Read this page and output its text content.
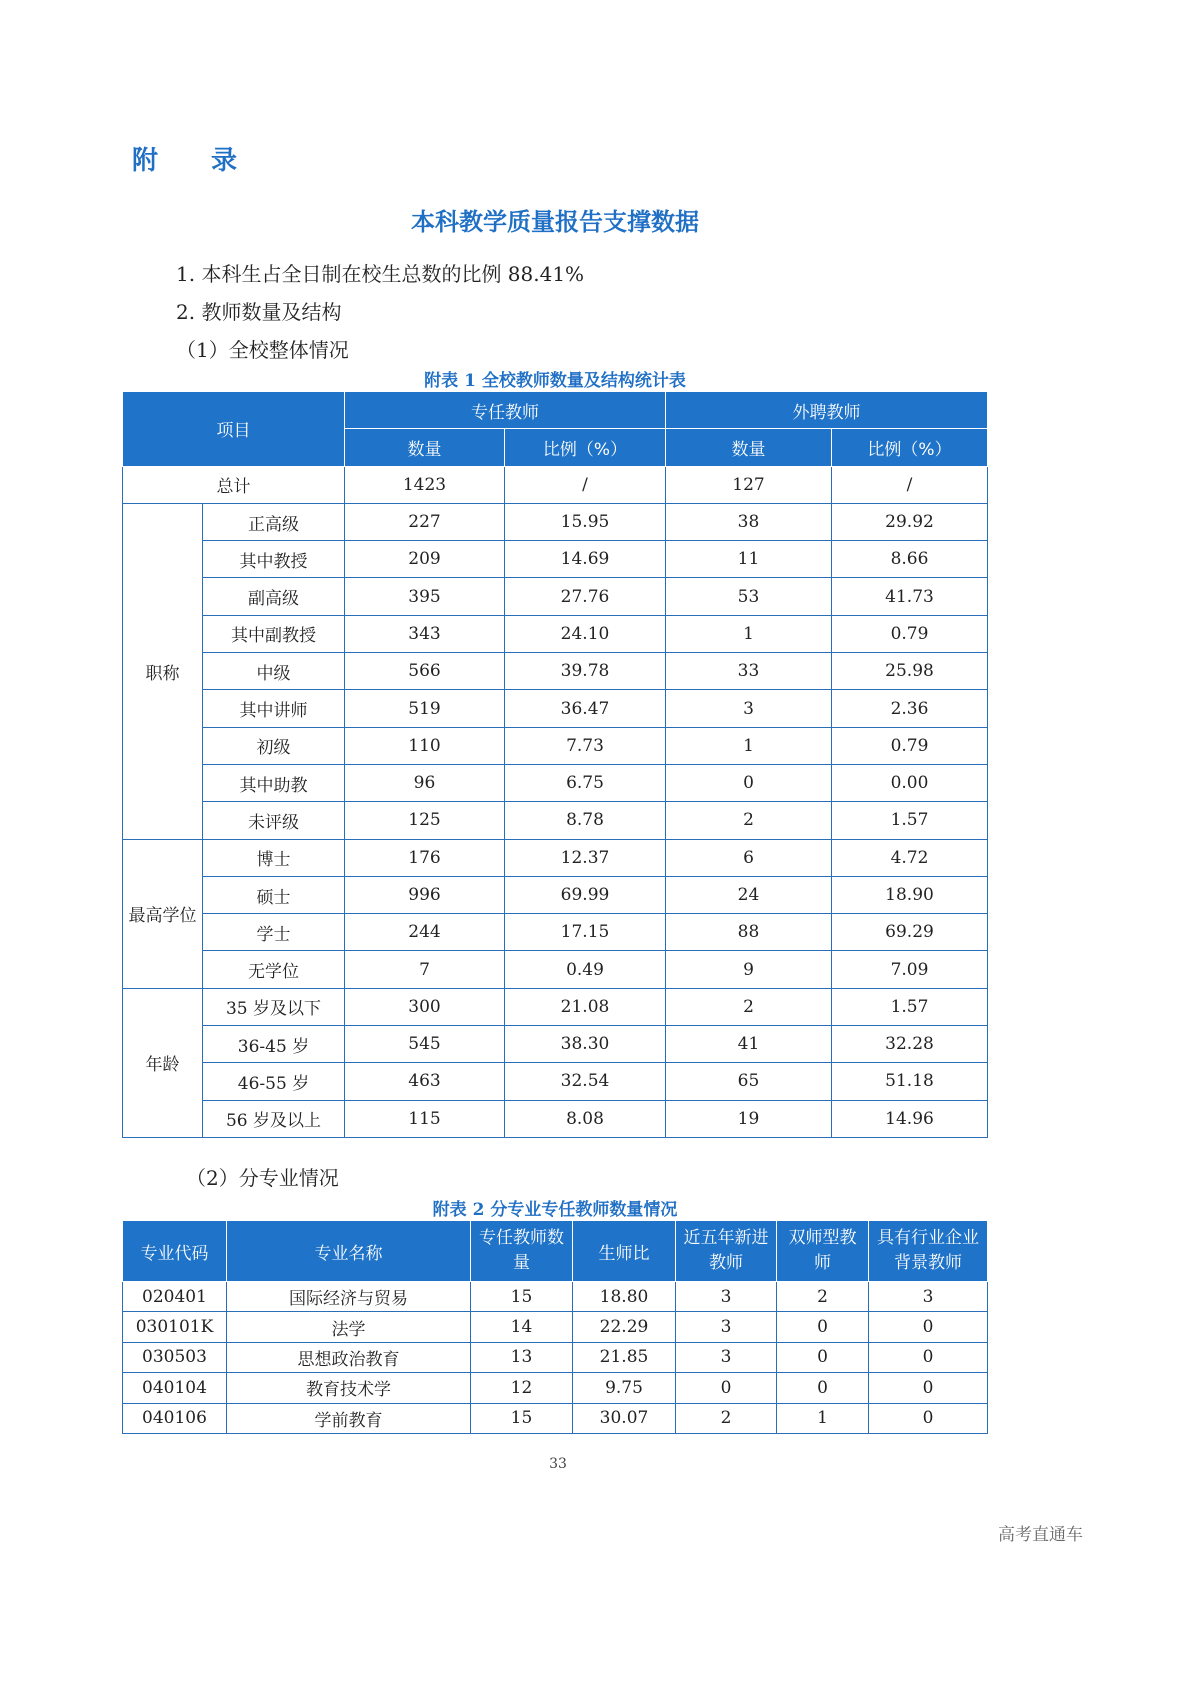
附 录
本科教学质量报告支撑数据
1. 本科生占全日制在校生总数的比例 88.41%
2. 教师数量及结构
（1）全校整体情况
附表 1 全校教师数量及结构统计表
项目		专任教师		外聘教师	
		数量	比例（%）	数量	比例（%）
总计		1423	/	127	/
职称	正高级	227	15.95	38	29.92
	其中教授	209	14.69	11	8.66
	副高级	395	27.76	53	41.73
	其中副教授	343	24.10	1	0.79
	中级	566	39.78	33	25.98
	其中讲师	519	36.47	3	2.36
	初级	110	7.73	1	0.79
	其中助教	96	6.75	0	0.00
	未评级	125	8.78	2	1.57
最高学位	博士	176	12.37	6	4.72
	硕士	996	69.99	24	18.90
	学士	244	17.15	88	69.29
	无学位	7	0.49	9	7.09
年龄	35 岁及以下	300	21.08	2	1.57
	36-45 岁	545	38.30	41	32.28
	46-55 岁	463	32.54	65	51.18
	56 岁及以上	115	8.08	19	14.96
（2）分专业情况
附表 2 分专业专任教师数量情况
专业代码	专业名称	专任教师数量	生师比	近五年新进教师	双师型教师	具有行业企业背景教师
020401	国际经济与贸易	15	18.80	3	2	3
030101K	法学	14	22.29	3	0	0
030503	思想政治教育	13	21.85	3	0	0
040104	教育技术学	12	9.75	0	0	0
040106	学前教育	15	30.07	2	1	0
33
高考直通车
